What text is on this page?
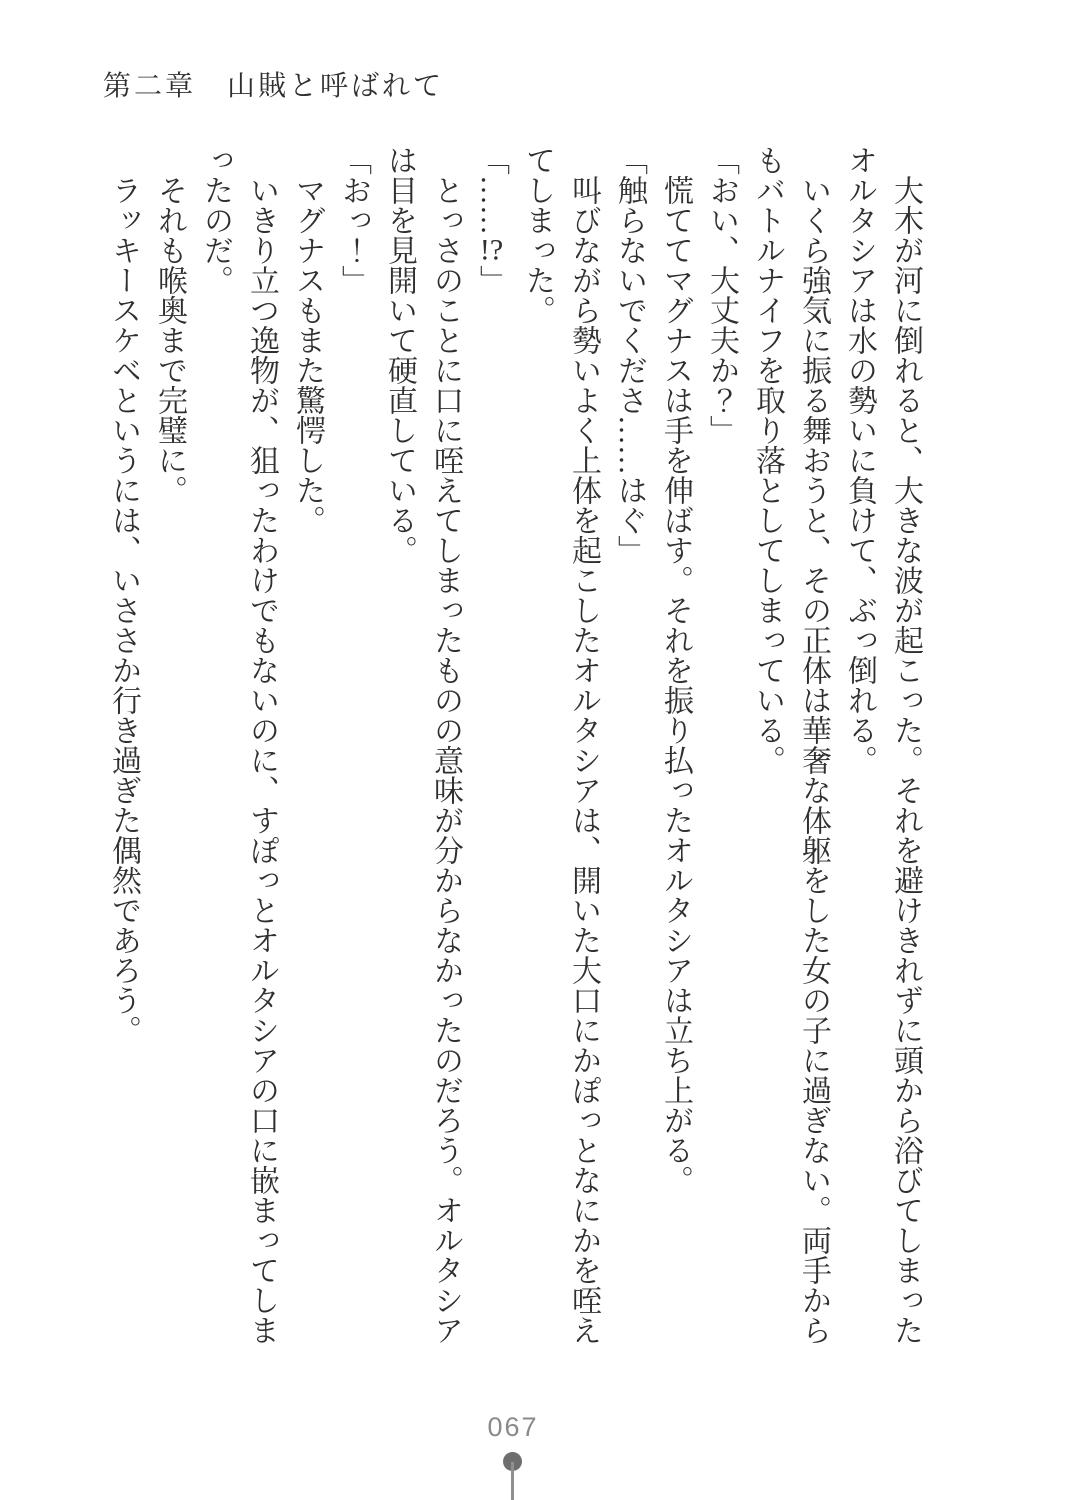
第二章　山賊と呼ばれて
大木が河に倒れると、大きな波が起こった。それを避けきれずに頭から浴びてしまった
オルタシアは水の勢いに負けて、ぶっ倒れる。
いくら強気に振る舞おうと、その正体は華奢な体躯をした女の子に過ぎない。両手から
もバトルナイフを取り落としてしまっている。
「おい、大丈夫か？」
慌ててマグナスは手を伸ばす。それを振り払ったオルタシアは立ち上がる。
「触らないでくださ……はぐ」
叫びながら勢いよく上体を起こしたオルタシアは、開いた大口にかぽっとなにかを咥え
てしまった。
「……!?」
とっさのことに口に咥えてしまったものの意味が分からなかったのだろう。オルタシア
は目を見開いて硬直している。
「おっ！」
マグナスもまた驚愕した。
いきり立つ逸物が、狙ったわけでもないのに、すぽっとオルタシアの口に嵌まってしま
ったのだ。
それも喉奥まで完璧に。
ラッキースケベというには、いささか行き過ぎた偶然であろう。
067
